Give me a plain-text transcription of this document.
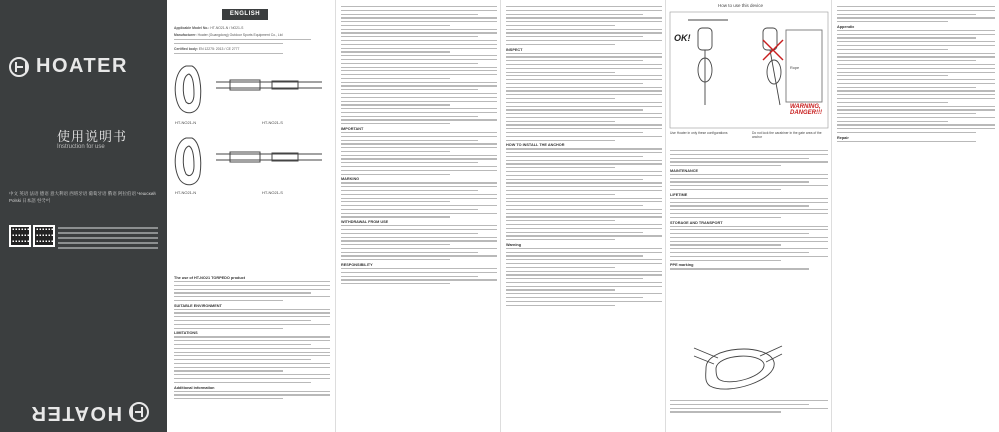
HOATER
使用说明书
Instruction for use
中文 英语 法语 德语 意大利语 西班牙语 葡萄牙语 俄语 阿拉伯语 Чешский Polski 日本語 한국어
HOATER
ENGLISH

Applicable Model No.: HT-NO21-N / NO21-S

Manufacturer: Hoater (Guangdong) Outdoor Sports Equipment Co., Ltd

Certified body: EN 12275: 2013 / CE 2777

HT-NO21-N	HT-NO21-S
HT-NO21-N	HT-NO21-S
The use of HT-NO21 TORPEDO product
SUITABLE ENVIRONMENT
LIMITATIONS
Additional information
IMPORTANT
MARKING
WITHDRAWAL FROM USE
RESPONSIBILITY
INSPECT
HOW TO INSTALL THE ANCHOR
Warning
How to use this device
OK!
Rope
WARNING, DANGER!!!
Use Hoater in only these configurations	Do not lock the carabiner in the gate area of the anchor
MAINTENANCE
LIFETIME
STORAGE AND TRANSPORT
PPE marking
Appendix
Repair
